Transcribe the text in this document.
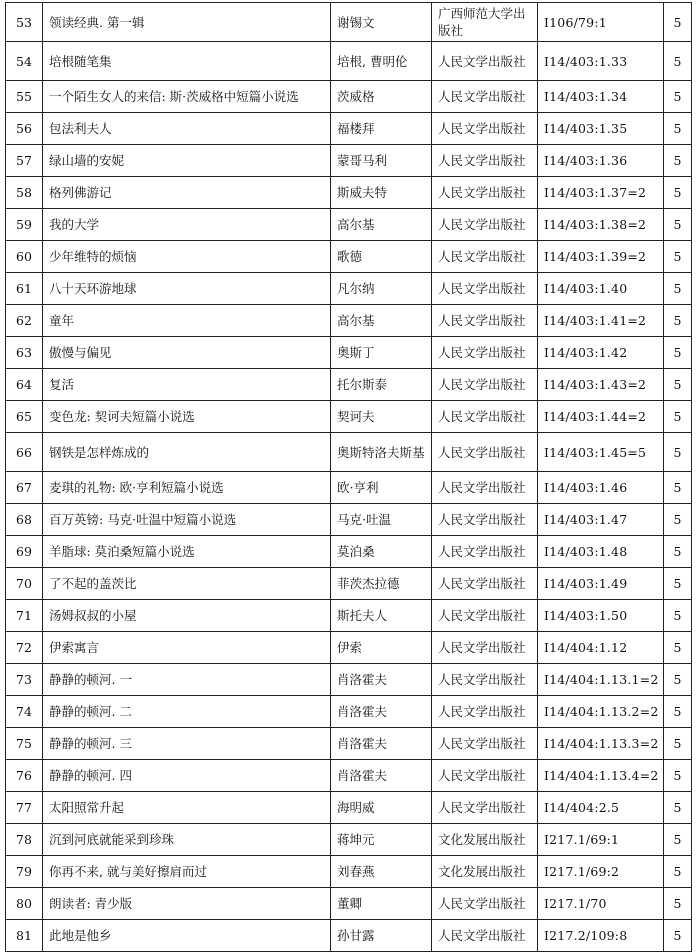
53	领读经典. 第一辑	谢锡文	广西师范大学出版社	I106/79:1	5
54	培根随笔集	培根, 曹明伦	人民文学出版社	I14/403:1.33	5
55	一个陌生女人的来信: 斯·茨威格中短篇小说选	茨威格	人民文学出版社	I14/403:1.34	5
56	包法利夫人	福楼拜	人民文学出版社	I14/403:1.35	5
57	绿山墙的安妮	蒙哥马利	人民文学出版社	I14/403:1.36	5
58	格列佛游记	斯威夫特	人民文学出版社	I14/403:1.37=2	5
59	我的大学	高尔基	人民文学出版社	I14/403:1.38=2	5
60	少年维特的烦恼	歌德	人民文学出版社	I14/403:1.39=2	5
61	八十天环游地球	凡尔纳	人民文学出版社	I14/403:1.40	5
62	童年	高尔基	人民文学出版社	I14/403:1.41=2	5
63	傲慢与偏见	奥斯丁	人民文学出版社	I14/403:1.42	5
64	复活	托尔斯泰	人民文学出版社	I14/403:1.43=2	5
65	变色龙: 契诃夫短篇小说选	契诃夫	人民文学出版社	I14/403:1.44=2	5
66	钢铁是怎样炼成的	奥斯特洛夫斯基	人民文学出版社	I14/403:1.45=5	5
67	麦琪的礼物: 欧·亨利短篇小说选	欧·亨利	人民文学出版社	I14/403:1.46	5
68	百万英镑: 马克·吐温中短篇小说选	马克·吐温	人民文学出版社	I14/403:1.47	5
69	羊脂球: 莫泊桑短篇小说选	莫泊桑	人民文学出版社	I14/403:1.48	5
70	了不起的盖茨比	菲茨杰拉德	人民文学出版社	I14/403:1.49	5
71	汤姆叔叔的小屋	斯托夫人	人民文学出版社	I14/403:1.50	5
72	伊索寓言	伊索	人民文学出版社	I14/404:1.12	5
73	静静的顿河. 一	肖洛霍夫	人民文学出版社	I14/404:1.13.1=2	5
74	静静的顿河. 二	肖洛霍夫	人民文学出版社	I14/404:1.13.2=2	5
75	静静的顿河. 三	肖洛霍夫	人民文学出版社	I14/404:1.13.3=2	5
76	静静的顿河. 四	肖洛霍夫	人民文学出版社	I14/404:1.13.4=2	5
77	太阳照常升起	海明威	人民文学出版社	I14/404:2.5	5
78	沉到河底就能采到珍珠	蒋坤元	文化发展出版社	I217.1/69:1	5
79	你再不来, 就与美好擦肩而过	刘春燕	文化发展出版社	I217.1/69:2	5
80	朗读者: 青少版	董卿	人民文学出版社	I217.1/70	5
81	此地是他乡	孙甘露	人民文学出版社	I217.2/109:8	5
